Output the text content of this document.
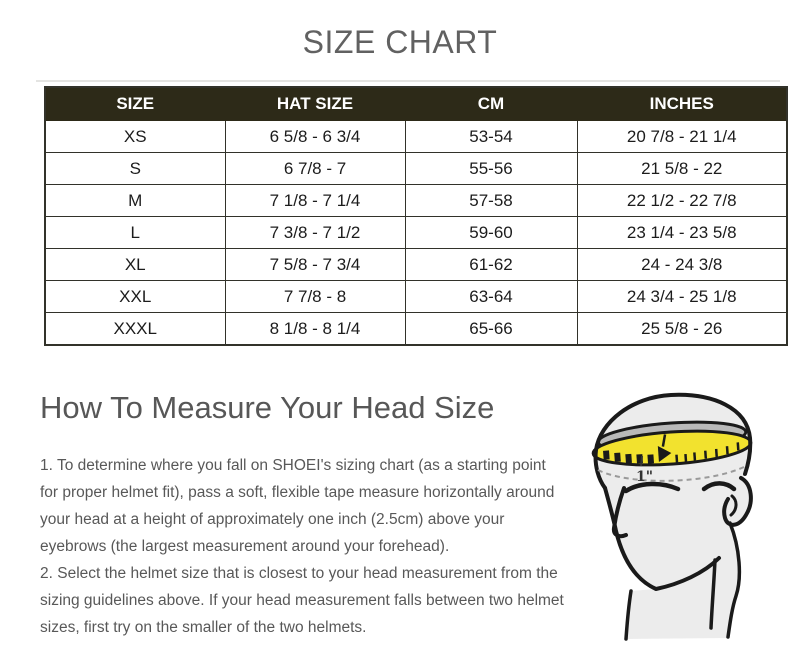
SIZE CHART
SIZE	HAT SIZE	CM	INCHES
XS	6 5/8 - 6 3/4	53-54	20 7/8 - 21 1/4
S	6 7/8 - 7	55-56	21 5/8 - 22
M	7 1/8 - 7 1/4	57-58	22 1/2 - 22 7/8
L	7 3/8 - 7 1/2	59-60	23 1/4 - 23 5/8
XL	7 5/8 - 7 3/4	61-62	24 - 24 3/8
XXL	7 7/8 - 8	63-64	24 3/4 - 25 1/8
XXXL	8 1/8 - 8 1/4	65-66	25 5/8 - 26
How To Measure Your Head Size

1. To determine where you fall on SHOEI's sizing chart (as a starting point for proper helmet fit), pass a soft, flexible tape measure horizontally around your head at a height of approximately one inch (2.5cm) above your eyebrows (the largest measurement around your forehead).

2. Select the helmet size that is closest to your head measurement from the sizing guidelines above. If your head measurement falls between two helmet sizes, first try on the smaller of the two helmets.

1"
